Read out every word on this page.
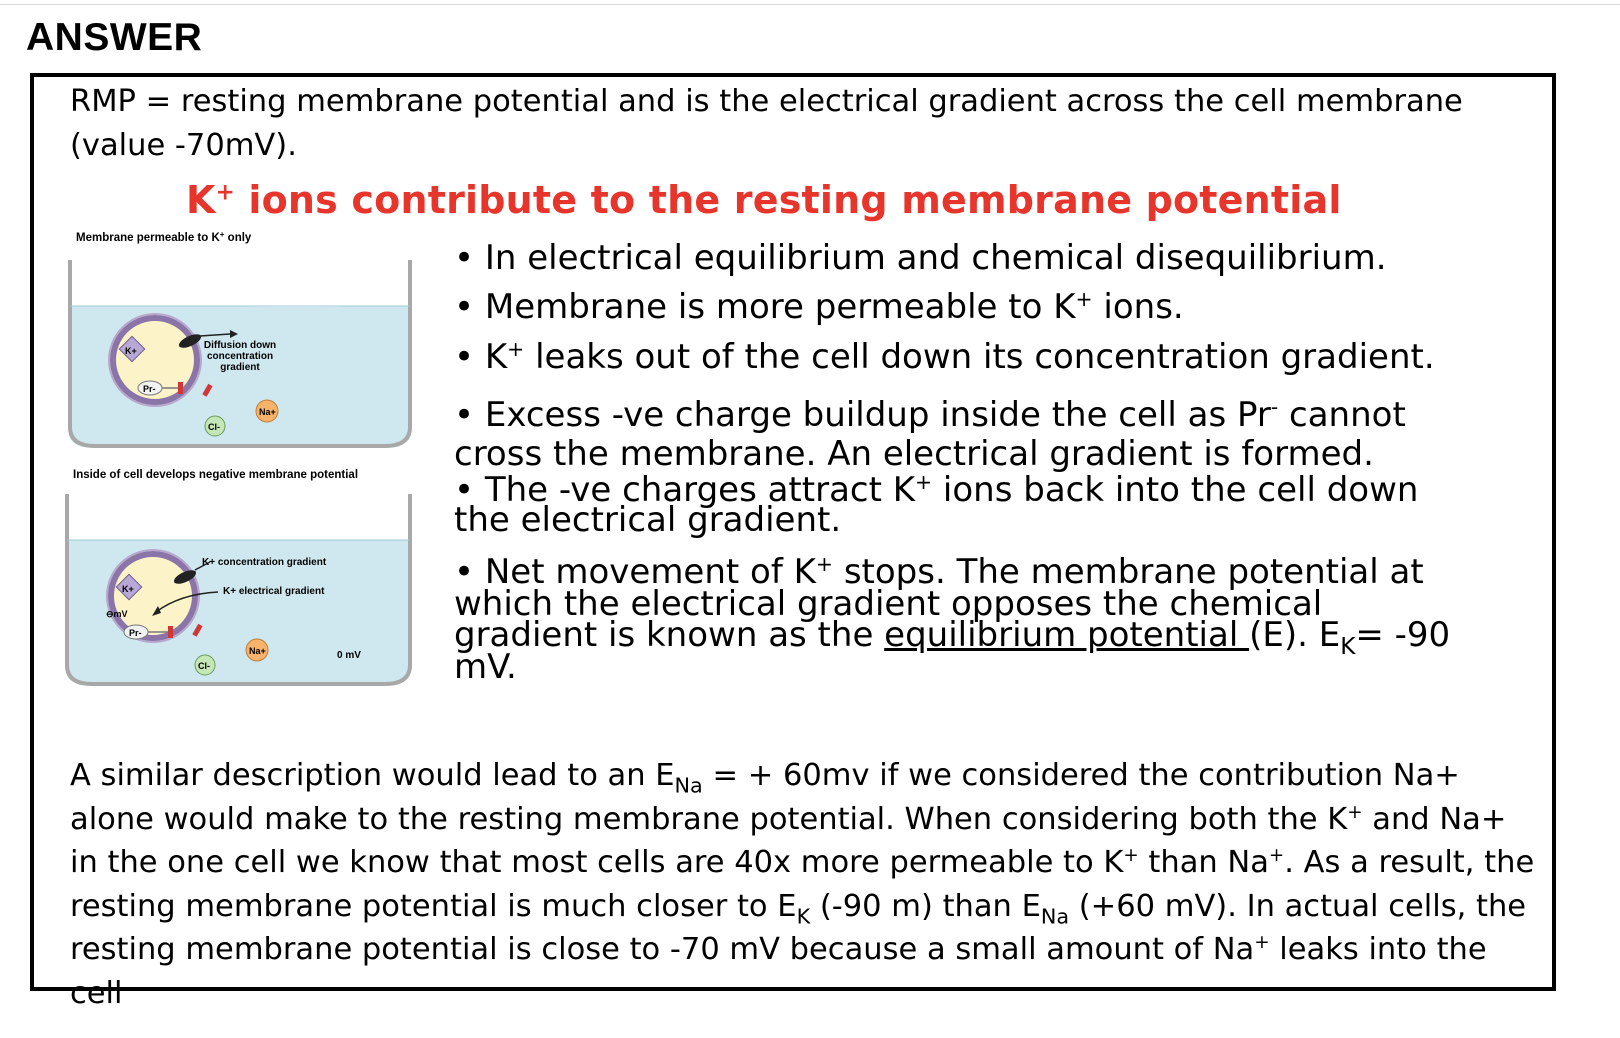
ANSWER
RMP = resting membrane potential and is the electrical gradient across the cell membrane (value -70mV).
K+ ions contribute to the resting membrane potential
Membrane permeable to K+ only
K+
Pr-
Diffusion down
concentration
gradient
Na+
Cl-
Inside of cell develops negative membrane potential
K+
⊖mV
Pr-
K+ concentration gradient
K+ electrical gradient
0 mV
Na+
Cl-
• In electrical equilibrium and chemical disequilibrium.
• Membrane is more permeable to K+ ions.
• K+ leaks out of the cell down its concentration gradient.
• Excess -ve charge buildup inside the cell as Pr- cannot
cross the membrane. An electrical gradient is formed.
• The -ve charges attract K+ ions back into the cell down
the electrical gradient.
• Net movement of K+ stops. The membrane potential at
which the electrical gradient opposes the chemical
gradient is known as the equilibrium potential (E). $E_K= -90$
mV.
A similar description would lead to an $E_{Na}$ = + 60mv if we considered the contribution Na+ alone would make to the resting membrane potential. When considering both the K+ and Na+ in the one cell we know that most cells are 40x more permeable to K+ than Na+. As a result, the resting membrane potential is much closer to $E_K$ (-90 m) than $E_{Na}$ (+60 mV). In actual cells, the resting membrane potential is close to -70 mV because a small amount of Na+ leaks into the cell
